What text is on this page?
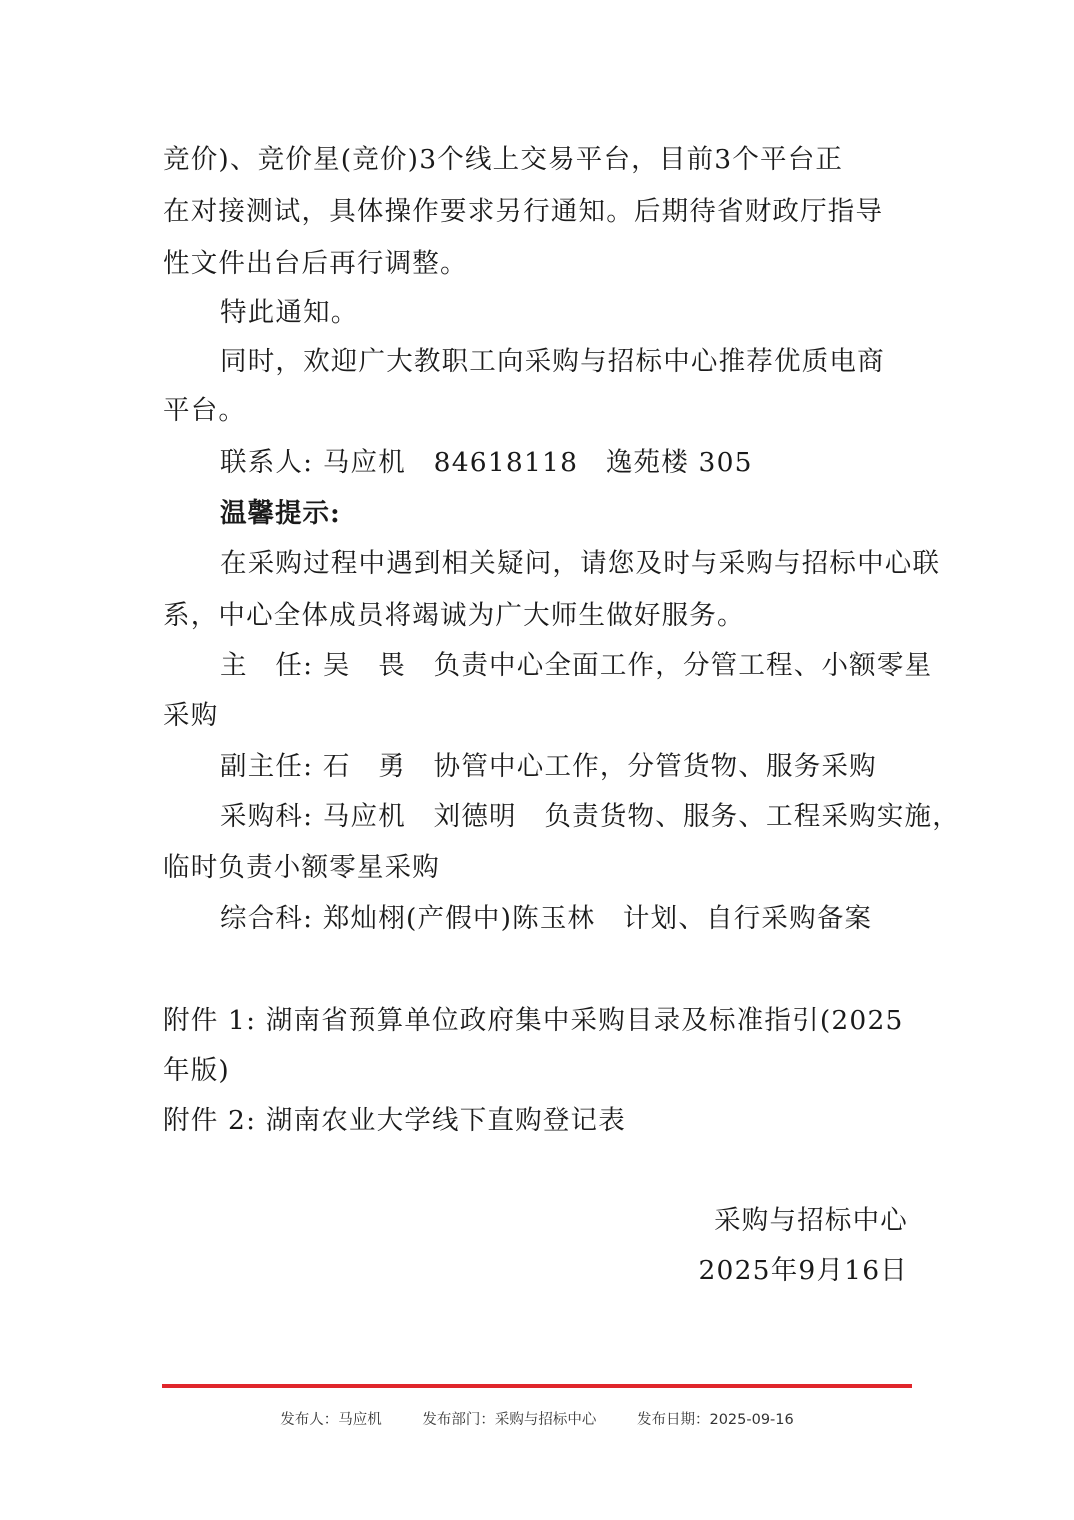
竞价)、竞价星(竞价)3个线上交易平台，目前3个平台正
在对接测试，具体操作要求另行通知。后期待省财政厅指导
性文件出台后再行调整。
特此通知。
同时，欢迎广大教职工向采购与招标中心推荐优质电商
平台。
联系人: 马应机　84618118　逸苑楼 305
温馨提示:
在采购过程中遇到相关疑问，请您及时与采购与招标中心联
系，中心全体成员将竭诚为广大师生做好服务。
主　任: 吴　畏　负责中心全面工作，分管工程、小额零星
采购
副主任: 石　勇　协管中心工作，分管货物、服务采购
采购科: 马应机　刘德明　负责货物、服务、工程采购实施，
临时负责小额零星采购
综合科: 郑灿栩(产假中)陈玉林　计划、自行采购备案
附件 1: 湖南省预算单位政府集中采购目录及标准指引(2025
年版)
附件 2: 湖南农业大学线下直购登记表
采购与招标中心
2025年9月16日
发布人：马应机	发布部门：采购与招标中心	发布日期：2025-09-16
